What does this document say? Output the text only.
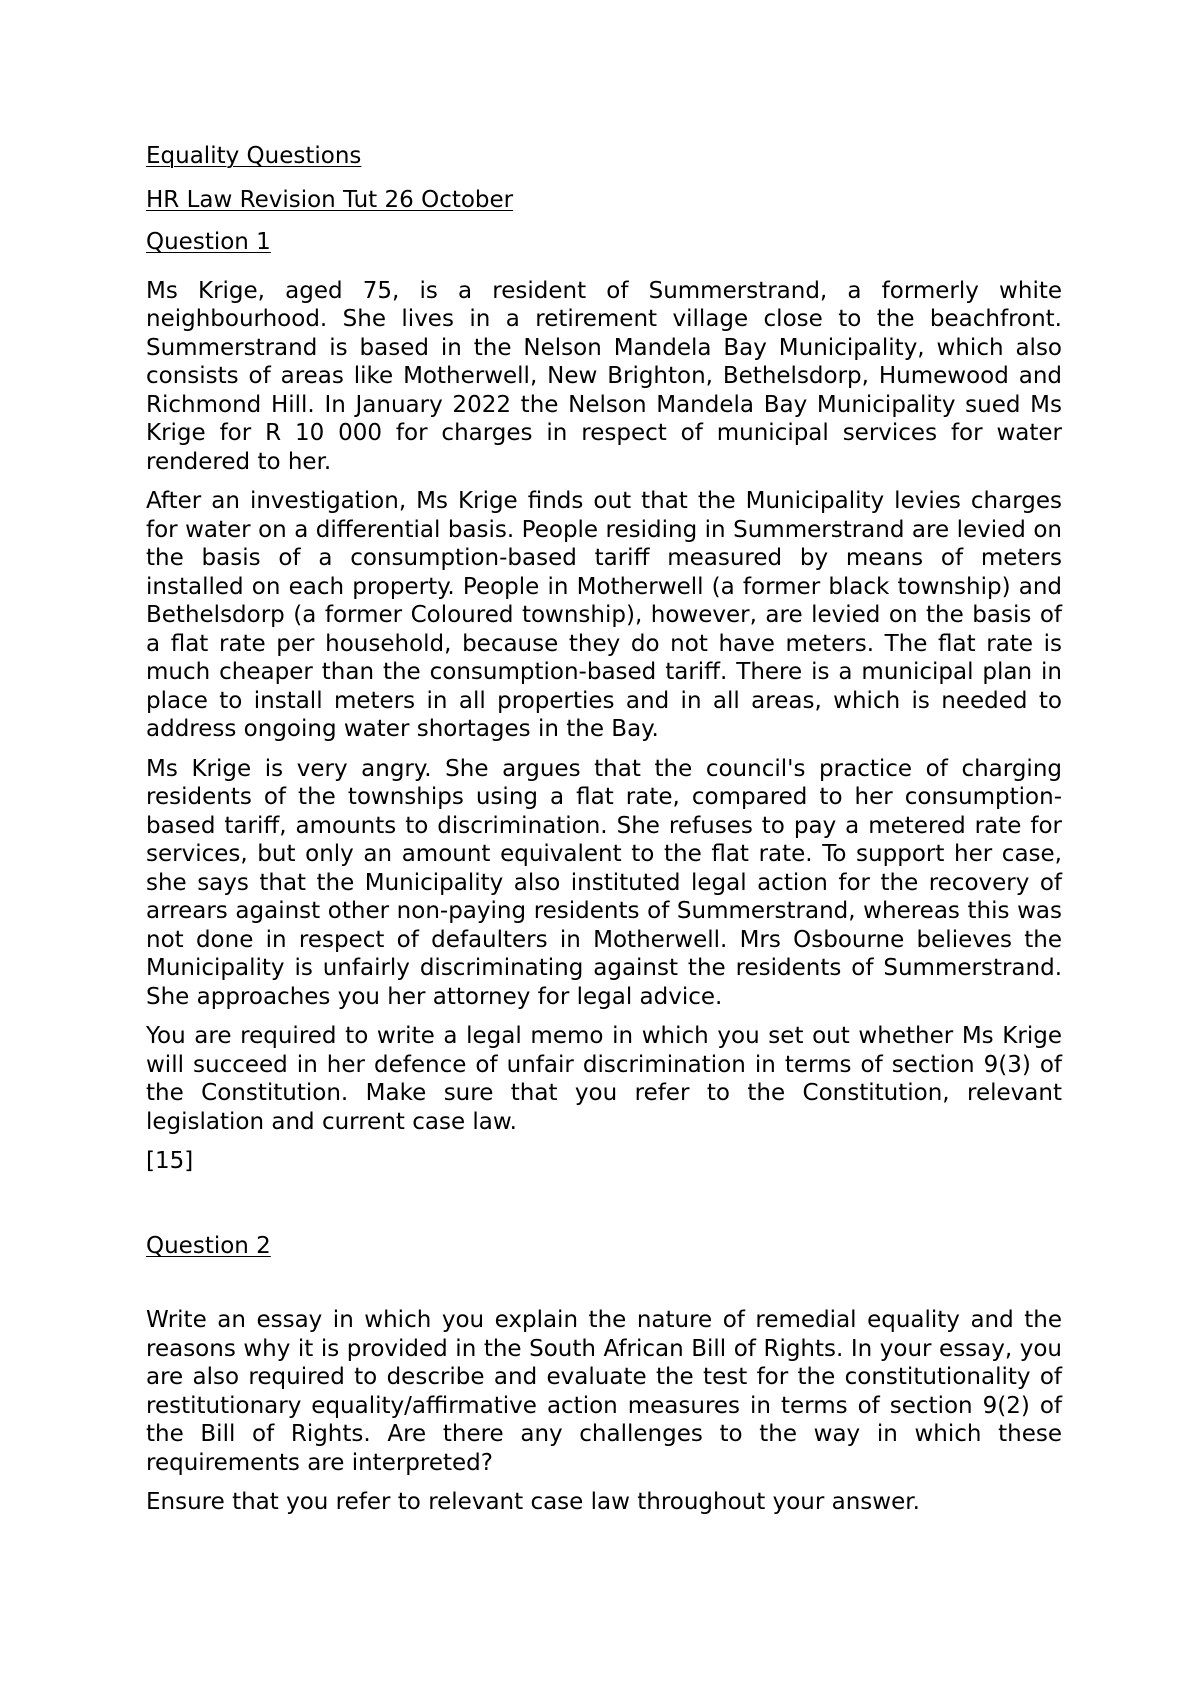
Equality Questions

HR Law Revision Tut 26 October

Question 1

Ms Krige, aged 75, is a resident of Summerstrand, a formerly white neighbourhood. She lives in a retirement village close to the beachfront. Summerstrand is based in the Nelson Mandela Bay Municipality, which also consists of areas like Motherwell, New Brighton, Bethelsdorp, Humewood and Richmond Hill. In January 2022 the Nelson Mandela Bay Municipality sued Ms Krige for R 10 000 for charges in respect of municipal services for water rendered to her.

After an investigation, Ms Krige finds out that the Municipality levies charges for water on a differential basis. People residing in Summerstrand are levied on the basis of a consumption-based tariff measured by means of meters installed on each property. People in Motherwell (a former black township) and Bethelsdorp (a former Coloured township), however, are levied on the basis of a flat rate per household, because they do not have meters. The flat rate is much cheaper than the consumption-based tariff. There is a municipal plan in place to install meters in all properties and in all areas, which is needed to address ongoing water shortages in the Bay.

Ms Krige is very angry. She argues that the council's practice of charging residents of the townships using a flat rate, compared to her consumption-based tariff, amounts to discrimination. She refuses to pay a metered rate for services, but only an amount equivalent to the flat rate. To support her case, she says that the Municipality also instituted legal action for the recovery of arrears against other non-paying residents of Summerstrand, whereas this was not done in respect of defaulters in Motherwell. Mrs Osbourne believes the Municipality is unfairly discriminating against the residents of Summerstrand. She approaches you her attorney for legal advice.

You are required to write a legal memo in which you set out whether Ms Krige will succeed in her defence of unfair discrimination in terms of section 9(3) of the Constitution. Make sure that you refer to the Constitution, relevant legislation and current case law.

[15]

Question 2

Write an essay in which you explain the nature of remedial equality and the reasons why it is provided in the South African Bill of Rights. In your essay, you are also required to describe and evaluate the test for the constitutionality of restitutionary equality/affirmative action measures in terms of section 9(2) of the Bill of Rights. Are there any challenges to the way in which these requirements are interpreted?

Ensure that you refer to relevant case law throughout your answer.
